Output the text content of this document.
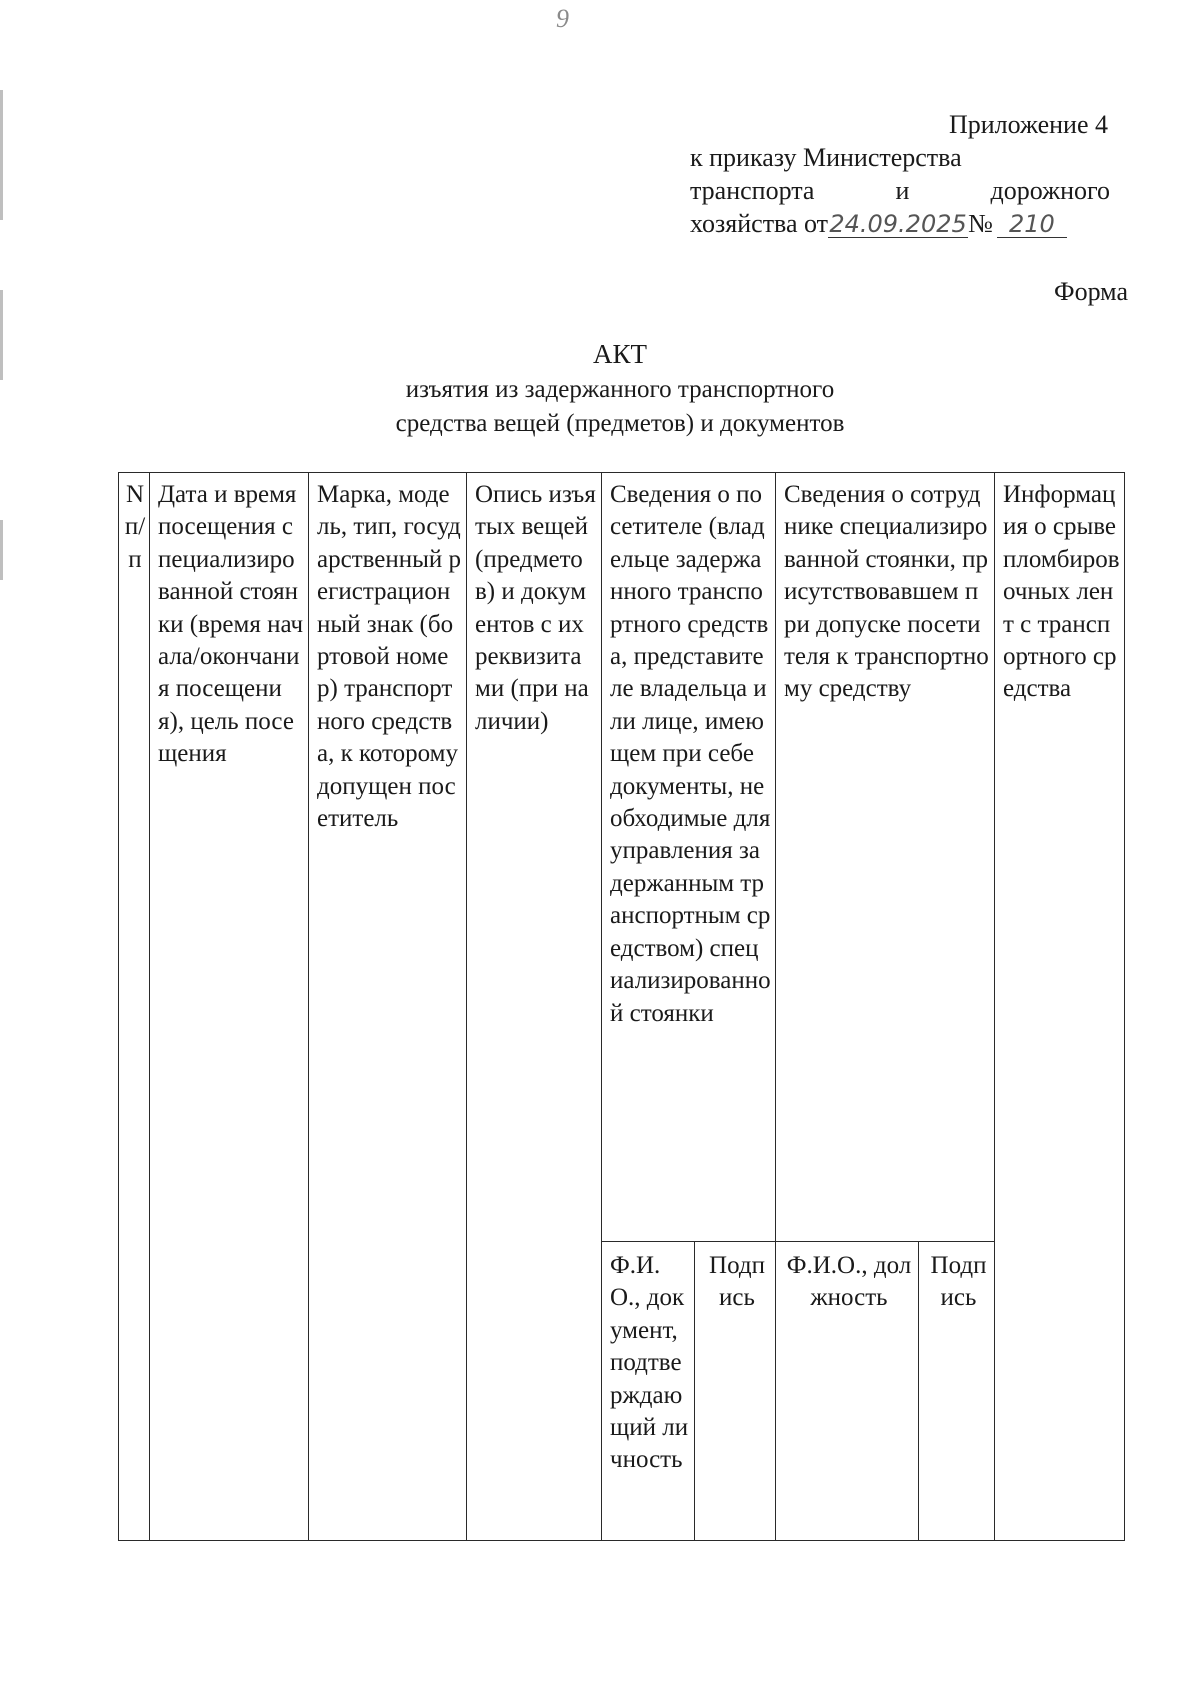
9
Приложение 4
к приказу Министерства
транспорта и дорожного
хозяйства от24.09.2025№ 210
Форма
АКТ
изъятия из задержанного транспортного
средства вещей (предметов) и документов
N п/п	Дата и время посещения специализированной стоянки (время начала/окончания посещения), цель посещения	Марка, модель, тип, государственный регистрационный знак (бортовой номер) транспортного средства, к которому допущен посетитель	Опись изъятых вещей (предметов) и документов с их реквизитами (при наличии)	Сведения о посетителе (владельце задержанного транспортного средства, представителе владельца или лице, имеющем при себе документы, необходимые для управления задержанным транспортным средством) специализированной стоянки		Сведения о сотруднике специализированной стоянки, присутствовавшем при допуске посетителя к транспортному средству		Информация о срыве пломбировочных лент с транспортного средства
				Ф.И.О., документ, подтверждающий личность	Подпись	Ф.И.О., должность	Подпись	
